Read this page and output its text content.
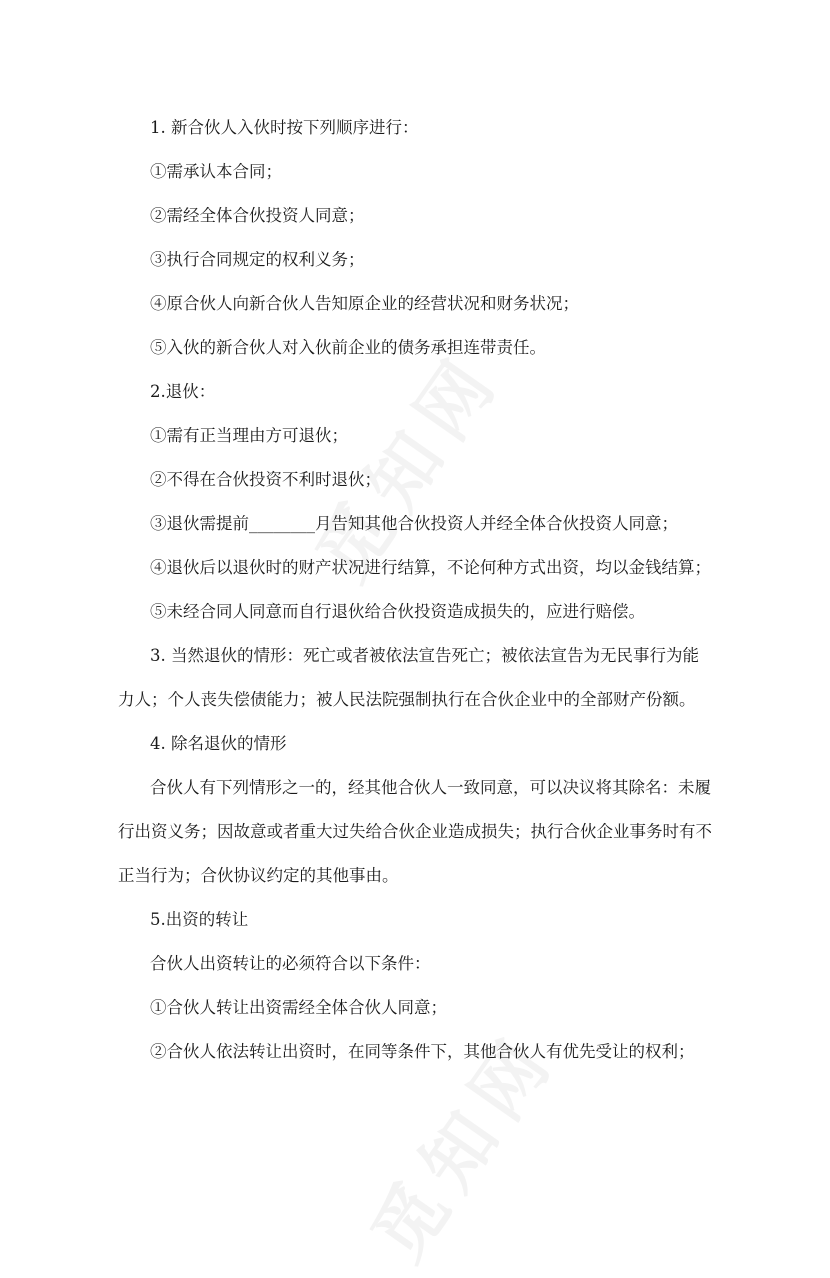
1. 新合伙人入伙时按下列顺序进行：

①需承认本合同；

②需经全体合伙投资人同意；

③执行合同规定的权利义务；

④原合伙人向新合伙人告知原企业的经营状况和财务状况；

⑤入伙的新合伙人对入伙前企业的债务承担连带责任。

2.退伙：

①需有正当理由方可退伙；

②不得在合伙投资不利时退伙；

③退伙需提前________月告知其他合伙投资人并经全体合伙投资人同意；

④退伙后以退伙时的财产状况进行结算，不论何种方式出资，均以金钱结算；

⑤未经合同人同意而自行退伙给合伙投资造成损失的，应进行赔偿。

3. 当然退伙的情形：死亡或者被依法宣告死亡；被依法宣告为无民事行为能
力人；个人丧失偿债能力；被人民法院强制执行在合伙企业中的全部财产份额。

4. 除名退伙的情形

合伙人有下列情形之一的，经其他合伙人一致同意，可以决议将其除名：未履
行出资义务；因故意或者重大过失给合伙企业造成损失；执行合伙企业事务时有不
正当行为；合伙协议约定的其他事由。

5.出资的转让

合伙人出资转让的必须符合以下条件：

①合伙人转让出资需经全体合伙人同意；

②合伙人依法转让出资时，在同等条件下，其他合伙人有优先受让的权利；
